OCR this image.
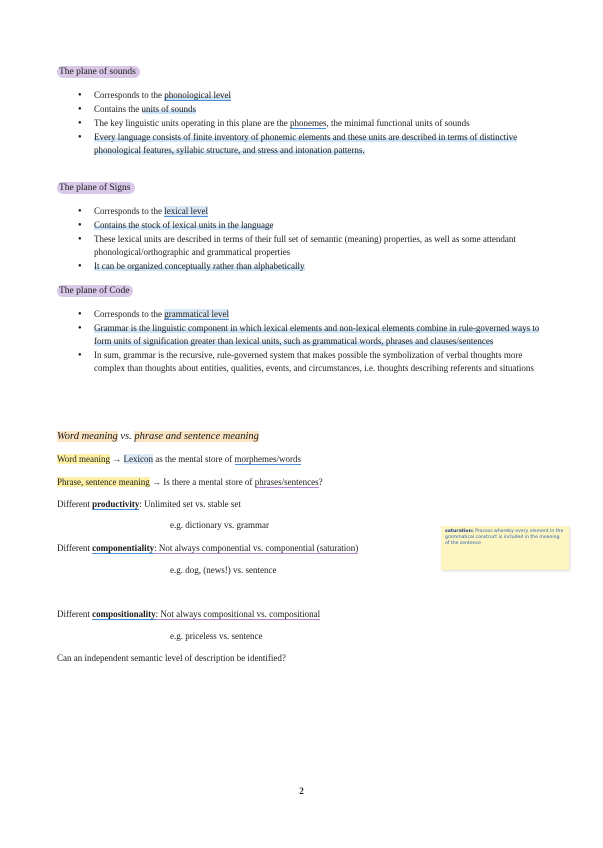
The plane of sounds
● Corresponds to the phonological level
● Contains the units of sounds
● The key linguistic units operating in this plane are the phonemes, the minimal functional units of sounds
● Every language consists of finite inventory of phonemic elements and these units are described in terms of distinctive phonological features, syllabic structure, and stress and intonation patterns.
The plane of Signs
● Corresponds to the lexical level
● Contains the stock of lexical units in the language
● These lexical units are described in terms of their full set of semantic (meaning) properties, as well as some attendant phonological/orthographic and grammatical properties
● It can be organized conceptually rather than alphabetically
The plane of Code
● Corresponds to the grammatical level
● Grammar is the linguistic component in which lexical elements and non-lexical elements combine in rule-governed ways to form units of signification greater than lexical units, such as grammatical words, phrases and clauses/sentences
● In sum, grammar is the recursive, rule-governed system that makes possible the symbolization of verbal thoughts more complex than thoughts about entities, qualities, events, and circumstances, i.e. thoughts describing referents and situations
Word meaning vs. phrase and sentence meaning
Word meaning → Lexicon as the mental store of morphemes/words
Phrase, sentence meaning → Is there a mental store of phrases/sentences?
Different productivity: Unlimited set vs. stable set
e.g. dictionary vs. grammar
Different componentiality: Not always componential vs. componential (saturation)
e.g. dog, (news!) vs. sentence
Different compositionality: Not always compositional vs. compositional
e.g. priceless vs. sentence
Can an independent semantic level of description be identified?
saturation: Process whereby every element in the grammatical construct is included in the meaning of the sentence
2
